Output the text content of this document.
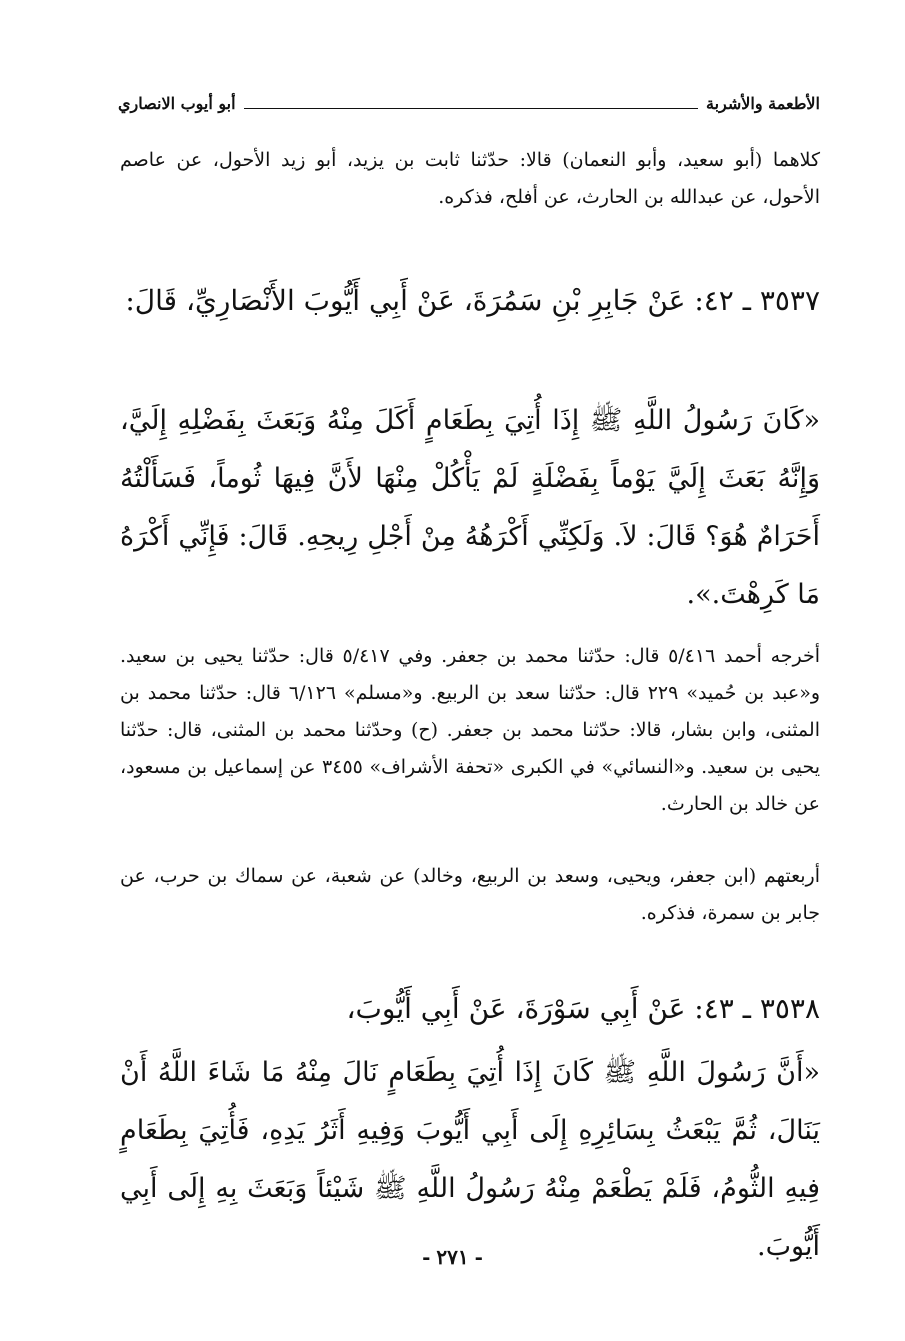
الأطعمة والأشربة
أبو أيوب الانصاري

كلاهما (أبو سعيد، وأبو النعمان) قالا: حدّثنا ثابت بن يزيد، أبو زيد الأحول، عن عاصم الأحول، عن عبدالله بن الحارث، عن أفلح، فذكره.

٣٥٣٧ ـ ٤٢: عَنْ جَابِرِ بْنِ سَمُرَةَ، عَنْ أَبِي أَيُّوبَ الأَنْصَارِيِّ، قَالَ:

«كَانَ رَسُولُ اللَّهِ ﷺ إِذَا أُتِيَ بِطَعَامٍ أَكَلَ مِنْهُ وَبَعَثَ بِفَضْلِهِ إِلَيَّ، وَإِنَّهُ بَعَثَ إِلَيَّ يَوْماً بِفَضْلَةٍ لَمْ يَأْكُلْ مِنْهَا لأَنَّ فِيهَا ثُوماً، فَسَأَلْتُهُ أَحَرَامٌ هُوَ؟ قَالَ: لاَ. وَلَكِنِّي أَكْرَهُهُ مِنْ أَجْلِ رِيحِهِ. قَالَ: فَإِنِّي أَكْرَهُ مَا كَرِهْتَ.».

أخرجه أحمد ٥/٤١٦ قال: حدّثنا محمد بن جعفر. وفي ٥/٤١٧ قال: حدّثنا يحيى بن سعيد. و«عبد بن حُميد» ٢٢٩ قال: حدّثنا سعد بن الربيع. و«مسلم» ٦/١٢٦ قال: حدّثنا محمد بن المثنى، وابن بشار، قالا: حدّثنا محمد بن جعفر. (ح) وحدّثنا محمد بن المثنى، قال: حدّثنا يحيى بن سعيد. و«النسائي» في الكبرى «تحفة الأشراف» ٣٤٥٥ عن إسماعيل بن مسعود، عن خالد بن الحارث.

أربعتهم (ابن جعفر، ويحيى، وسعد بن الربيع، وخالد) عن شعبة، عن سماك بن حرب، عن جابر بن سمرة، فذكره.

٣٥٣٨ ـ ٤٣: عَنْ أَبِي سَوْرَةَ، عَنْ أَبِي أَيُّوبَ،

«أَنَّ رَسُولَ اللَّهِ ﷺ كَانَ إِذَا أُتِيَ بِطَعَامٍ نَالَ مِنْهُ مَا شَاءَ اللَّهُ أَنْ يَنَالَ، ثُمَّ يَبْعَثُ بِسَائِرِهِ إِلَى أَبِي أَيُّوبَ وَفِيهِ أَثَرُ يَدِهِ، فَأُتِيَ بِطَعَامٍ فِيهِ الثُّومُ، فَلَمْ يَطْعَمْ مِنْهُ رَسُولُ اللَّهِ ﷺ شَيْئاً وَبَعَثَ بِهِ إِلَى أَبِي أَيُّوبَ.

-٢٧١-
